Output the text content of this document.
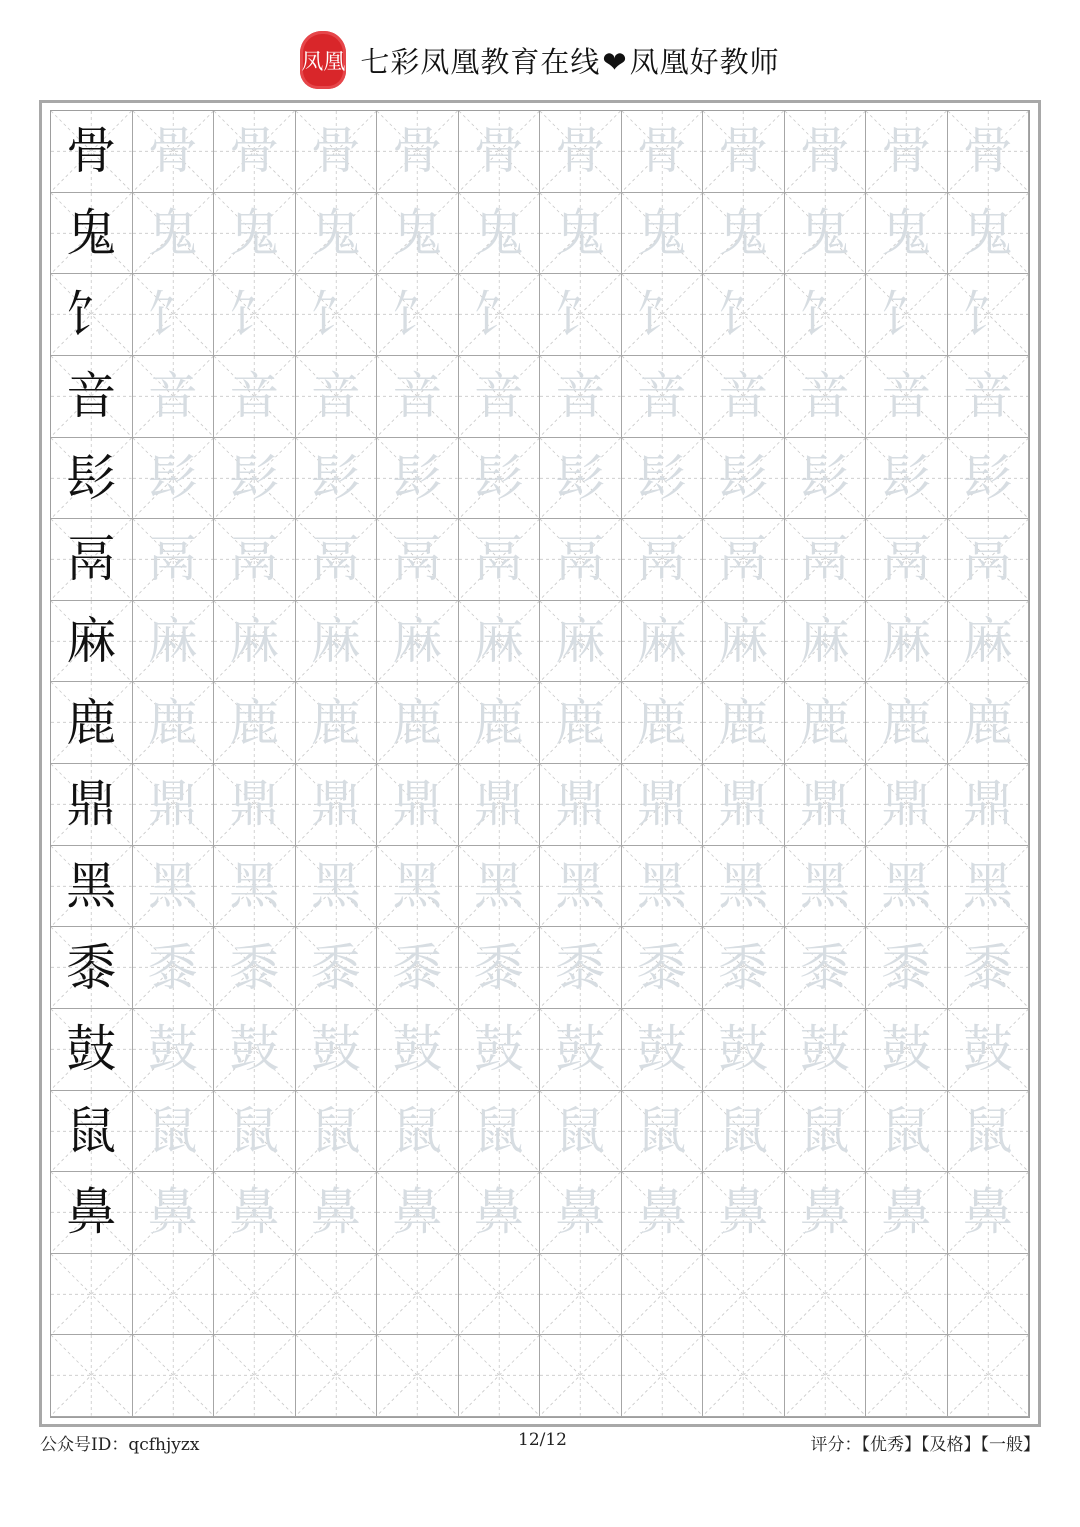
凤凰 七彩凤凰教育在线❤凤凰好教师
骨 骨 骨 骨 骨 骨 骨 骨 骨 骨 骨 骨
鬼 鬼 鬼 鬼 鬼 鬼 鬼 鬼 鬼 鬼 鬼 鬼
饣 饣 饣 饣 饣 饣 饣 饣 饣 饣 饣 饣
音 音 音 音 音 音 音 音 音 音 音 音
髟 髟 髟 髟 髟 髟 髟 髟 髟 髟 髟 髟
鬲 鬲 鬲 鬲 鬲 鬲 鬲 鬲 鬲 鬲 鬲 鬲
麻 麻 麻 麻 麻 麻 麻 麻 麻 麻 麻 麻
鹿 鹿 鹿 鹿 鹿 鹿 鹿 鹿 鹿 鹿 鹿 鹿
鼎 鼎 鼎 鼎 鼎 鼎 鼎 鼎 鼎 鼎 鼎 鼎
黑 黑 黑 黑 黑 黑 黑 黑 黑 黑 黑 黑
黍 黍 黍 黍 黍 黍 黍 黍 黍 黍 黍 黍
鼓 鼓 鼓 鼓 鼓 鼓 鼓 鼓 鼓 鼓 鼓 鼓
鼠 鼠 鼠 鼠 鼠 鼠 鼠 鼠 鼠 鼠 鼠 鼠
鼻 鼻 鼻 鼻 鼻 鼻 鼻 鼻 鼻 鼻 鼻 鼻
公众号ID：qcfhjyzx	12/12	评分：【优秀】【及格】【一般】
